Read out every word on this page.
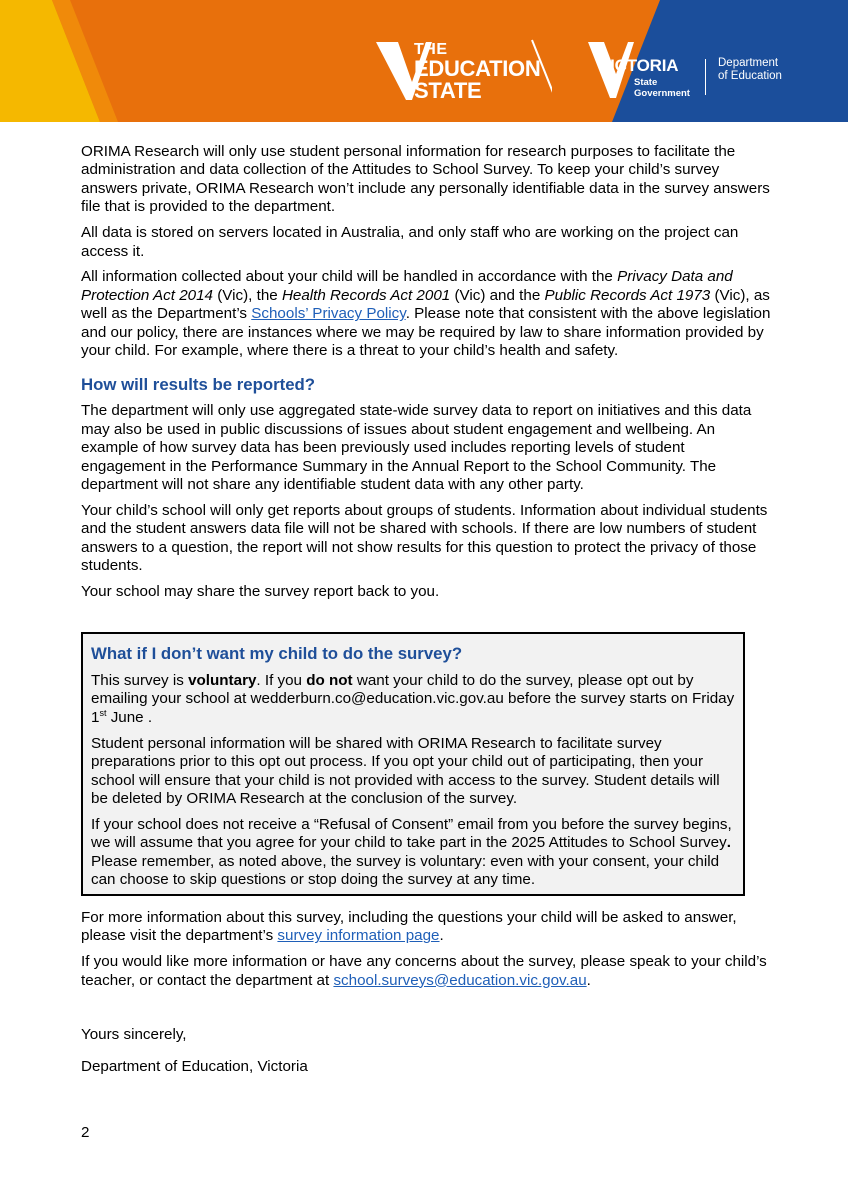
THE
EDUCATION
STATE
VICTORIA
State
Government
Department
of Education

ORIMA Research will only use student personal information for research purposes to facilitate the administration and data collection of the Attitudes to School Survey. To keep your child’s survey answers private, ORIMA Research won’t include any personally identifiable data in the survey answers file that is provided to the department.

All data is stored on servers located in Australia, and only staff who are working on the project can access it.

All information collected about your child will be handled in accordance with the Privacy Data and Protection Act 2014 (Vic), the Health Records Act 2001 (Vic) and the Public Records Act 1973 (Vic), as well as the Department’s Schools’ Privacy Policy. Please note that consistent with the above legislation and our policy, there are instances where we may be required by law to share information provided by your child. For example, where there is a threat to your child’s health and safety.

How will results be reported?

The department will only use aggregated state-wide survey data to report on initiatives and this data may also be used in public discussions of issues about student engagement and wellbeing. An example of how survey data has been previously used includes reporting levels of student engagement in the Performance Summary in the Annual Report to the School Community. The department will not share any identifiable student data with any other party.

Your child’s school will only get reports about groups of students. Information about individual students and the student answers data file will not be shared with schools. If there are low numbers of student answers to a question, the report will not show results for this question to protect the privacy of those students.

Your school may share the survey report back to you.

What if I don’t want my child to do the survey?

This survey is voluntary. If you do not want your child to do the survey, please opt out by emailing your school at wedderburn.co@education.vic.gov.au before the survey starts on Friday 1st June .

Student personal information will be shared with ORIMA Research to facilitate survey preparations prior to this opt out process. If you opt your child out of participating, then your school will ensure that your child is not provided with access to the survey. Student details will be deleted by ORIMA Research at the conclusion of the survey.

If your school does not receive a “Refusal of Consent” email from you before the survey begins, we will assume that you agree for your child to take part in the 2025 Attitudes to School Survey. Please remember, as noted above, the survey is voluntary: even with your consent, your child can choose to skip questions or stop doing the survey at any time.

For more information about this survey, including the questions your child will be asked to answer, please visit the department’s survey information page.

If you would like more information or have any concerns about the survey, please speak to your child’s teacher, or contact the department at school.surveys@education.vic.gov.au.

Yours sincerely,

Department of Education, Victoria

2
